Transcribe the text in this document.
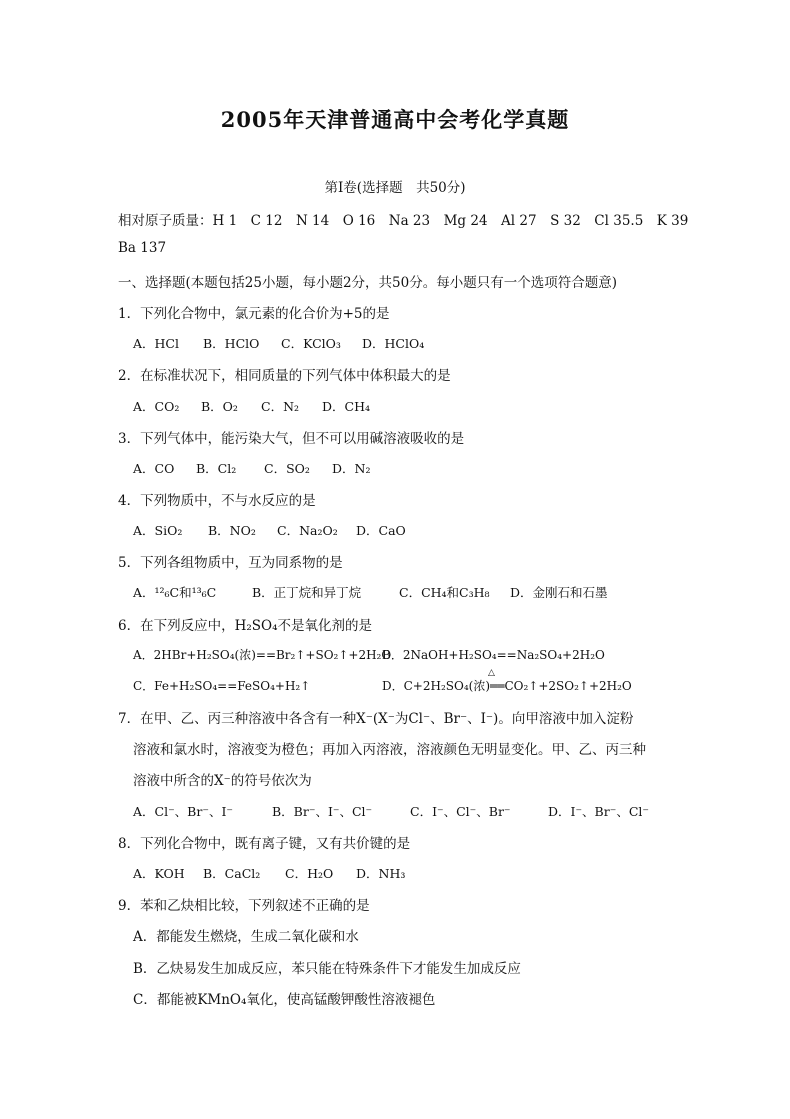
2005年天津普通高中会考化学真题
第Ⅰ卷(选择题　共50分)
相对原子质量：H 1　C 12　N 14　O 16　Na 23　Mg 24　Al 27　S 32　Cl 35.5　K 39
Ba 137
一、选择题(本题包括25小题，每小题2分，共50分。每小题只有一个选项符合题意)
1．下列化合物中，氯元素的化合价为+5的是
A．HCl B．HClO C．KClO₃ D．HClO₄
2．在标准状况下，相同质量的下列气体中体积最大的是
A．CO₂ B．O₂ C．N₂ D．CH₄
3．下列气体中，能污染大气，但不可以用碱溶液吸收的是
A．CO B．Cl₂ C．SO₂ D．N₂
4．下列物质中，不与水反应的是
A．SiO₂ B．NO₂ C．Na₂O₂ D．CaO
5．下列各组物质中，互为同系物的是
A．¹²₆C和¹³₆C	B．正丁烷和异丁烷	C．CH₄和C₃H₈ D．金刚石和石墨
6．在下列反应中，H₂SO₄不是氧化剂的是
A．2HBr+H₂SO₄(浓)==Br₂↑+SO₂↑+2H₂O
B．2NaOH+H₂SO₄==Na₂SO₄+2H₂O
C．Fe+H₂SO₄==FeSO₄+H₂↑	D．C+2H₂SO₄(浓)══CO₂↑+2SO₂↑+2H₂O
△
7．在甲、乙、丙三种溶液中各含有一种X⁻(X⁻为Cl⁻、Br⁻、I⁻)。向甲溶液中加入淀粉
溶液和氯水时，溶液变为橙色；再加入丙溶液，溶液颜色无明显变化。甲、乙、丙三种
溶液中所含的X⁻的符号依次为
A．Cl⁻、Br⁻、I⁻	B．Br⁻、I⁻、Cl⁻	C．I⁻、Cl⁻、Br⁻	D．I⁻、Br⁻、Cl⁻
8．下列化合物中，既有离子键，又有共价键的是
A．KOH B．CaCl₂ C．H₂O D．NH₃
9．苯和乙炔相比较，下列叙述不正确的是
A．都能发生燃烧，生成二氧化碳和水
B．乙炔易发生加成反应，苯只能在特殊条件下才能发生加成反应
C．都能被KMnO₄氧化，使高锰酸钾酸性溶液褪色
